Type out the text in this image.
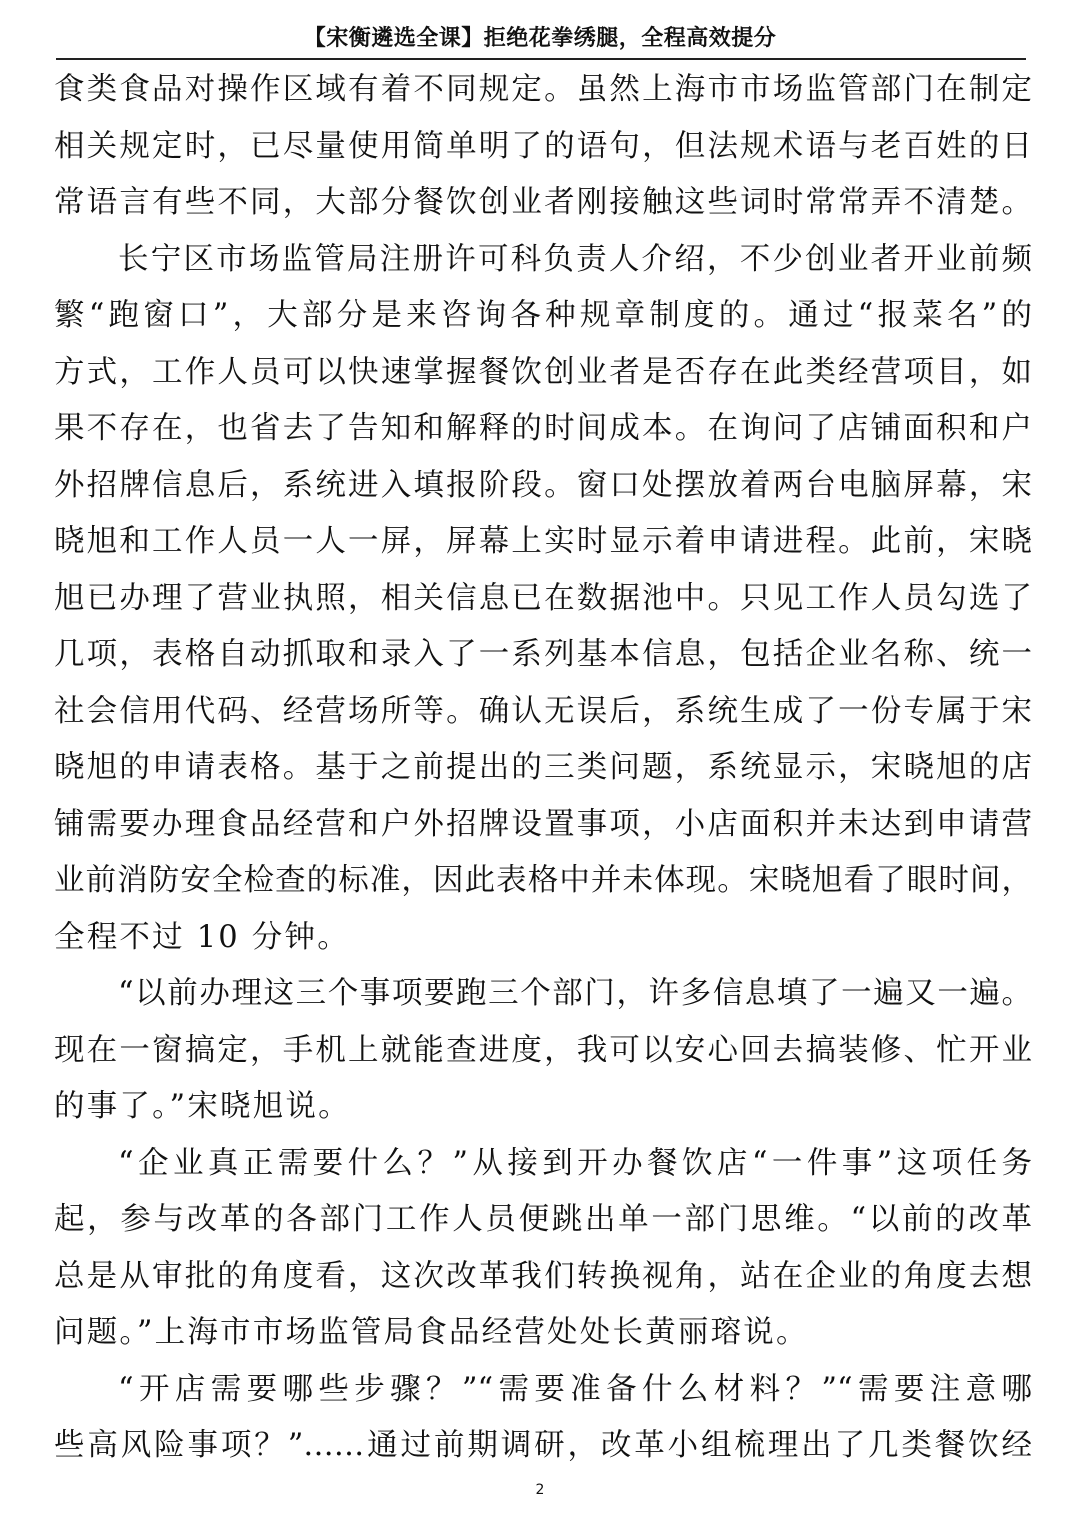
【宋衡遴选全课】拒绝花拳绣腿，全程高效提分
食类食品对操作区域有着不同规定。虽然上海市市场监管部门在制定
相关规定时，已尽量使用简单明了的语句，但法规术语与老百姓的日
常语言有些不同，大部分餐饮创业者刚接触这些词时常常弄不清楚。
长宁区市场监管局注册许可科负责人介绍，不少创业者开业前频
繁“跑窗口”，大部分是来咨询各种规章制度的。通过“报菜名”的
方式，工作人员可以快速掌握餐饮创业者是否存在此类经营项目，如
果不存在，也省去了告知和解释的时间成本。在询问了店铺面积和户
外招牌信息后，系统进入填报阶段。窗口处摆放着两台电脑屏幕，宋
晓旭和工作人员一人一屏，屏幕上实时显示着申请进程。此前，宋晓
旭已办理了营业执照，相关信息已在数据池中。只见工作人员勾选了
几项，表格自动抓取和录入了一系列基本信息，包括企业名称、统一
社会信用代码、经营场所等。确认无误后，系统生成了一份专属于宋
晓旭的申请表格。基于之前提出的三类问题，系统显示，宋晓旭的店
铺需要办理食品经营和户外招牌设置事项，小店面积并未达到申请营
业前消防安全检查的标准，因此表格中并未体现。宋晓旭看了眼时间，
全程不过 10 分钟。
“以前办理这三个事项要跑三个部门，许多信息填了一遍又一遍。
现在一窗搞定，手机上就能查进度，我可以安心回去搞装修、忙开业
的事了。”宋晓旭说。
“企业真正需要什么？”从接到开办餐饮店“一件事”这项任务
起，参与改革的各部门工作人员便跳出单一部门思维。“以前的改革
总是从审批的角度看，这次改革我们转换视角，站在企业的角度去想
问题。”上海市市场监管局食品经营处处长黄丽瑢说。
“开店需要哪些步骤？”“需要准备什么材料？”“需要注意哪
些高风险事项？”……通过前期调研，改革小组梳理出了几类餐饮经
2
